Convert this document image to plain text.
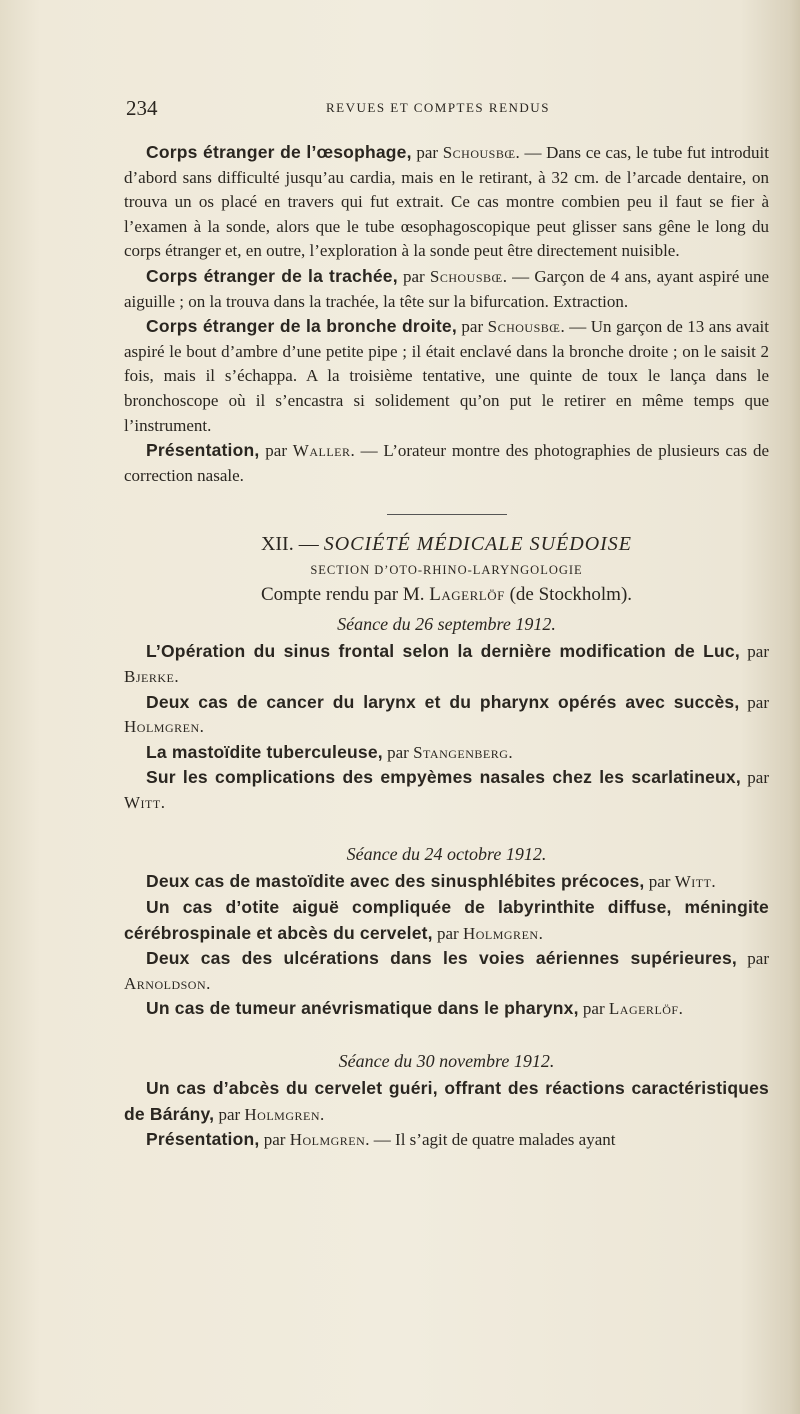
234	REVUES ET COMPTES RENDUS

Corps étranger de l’œsophage, par Schousbœ. — Dans ce cas, le tube fut introduit d’abord sans difficulté jusqu’au cardia, mais en le retirant, à 32 cm. de l’arcade dentaire, on trouva un os placé en travers qui fut extrait. Ce cas montre combien peu il faut se fier à l’examen à la sonde, alors que le tube œsophagoscopique peut glisser sans gêne le long du corps étranger et, en outre, l’exploration à la sonde peut être directement nuisible.

Corps étranger de la trachée, par Schousbœ. — Garçon de 4 ans, ayant aspiré une aiguille ; on la trouva dans la trachée, la tête sur la bifurcation. Extraction.

Corps étranger de la bronche droite, par Schousbœ. — Un garçon de 13 ans avait aspiré le bout d’ambre d’une petite pipe ; il était enclavé dans la bronche droite ; on le saisit 2 fois, mais il s’échappa. A la troisième tentative, une quinte de toux le lança dans le bronchoscope où il s’encastra si solidement qu’on put le retirer en même temps que l’instrument.

Présentation, par Waller. — L’orateur montre des photographies de plusieurs cas de correction nasale.

XII. — SOCIÉTÉ MÉDICALE SUÉDOISE
SECTION D’OTO-RHINO-LARYNGOLOGIE
Compte rendu par M. Lagerlöf (de Stockholm).
Séance du 26 septembre 1912.

L’Opération du sinus frontal selon la dernière modification de Luc, par Bjerke.

Deux cas de cancer du larynx et du pharynx opérés avec succès, par Holmgren.

La mastoïdite tuberculeuse, par Stangenberg.

Sur les complications des empyèmes nasales chez les scarlatineux, par Witt.

Séance du 24 octobre 1912.

Deux cas de mastoïdite avec des sinusphlébites précoces, par Witt.

Un cas d’otite aiguë compliquée de labyrinthite diffuse, méningite cérébrospinale et abcès du cervelet, par Holmgren.

Deux cas des ulcérations dans les voies aériennes supérieures, par Arnoldson.

Un cas de tumeur anévrismatique dans le pharynx, par Lagerlöf.

Séance du 30 novembre 1912.

Un cas d’abcès du cervelet guéri, offrant des réactions caractéristiques de Bárány, par Holmgren.

Présentation, par Holmgren. — Il s’agit de quatre malades ayant
